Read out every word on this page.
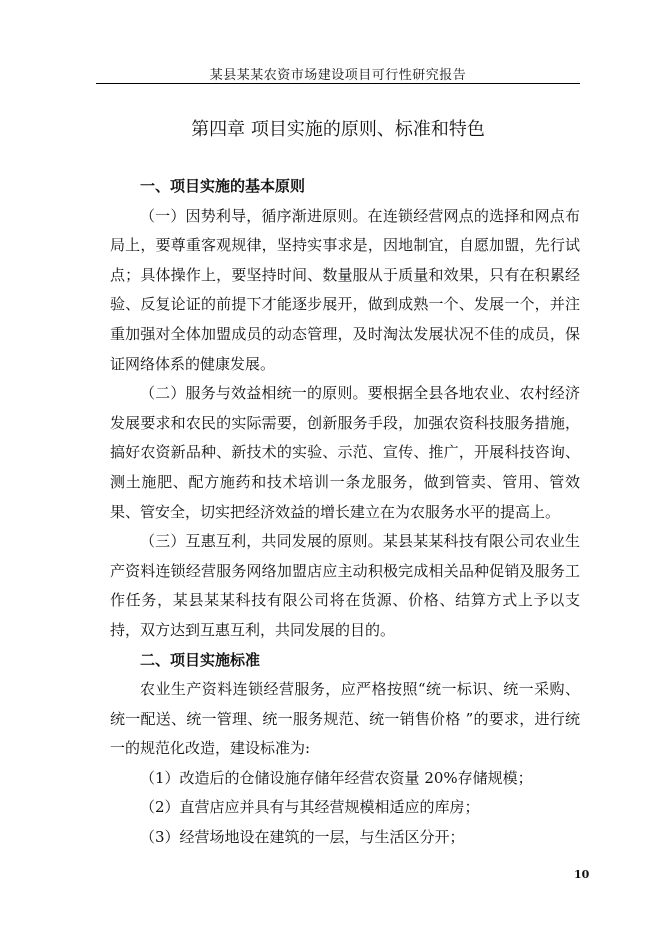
某县某某农资市场建设项目可行性研究报告
第四章 项目实施的原则、标准和特色

一、项目实施的基本原则

（一）因势利导，循序渐进原则。在连锁经营网点的选择和网点布局上，要尊重客观规律，坚持实事求是，因地制宜，自愿加盟，先行试点；具体操作上，要坚持时间、数量服从于质量和效果，只有在积累经验、反复论证的前提下才能逐步展开，做到成熟一个、发展一个，并注重加强对全体加盟成员的动态管理，及时淘汰发展状况不佳的成员，保证网络体系的健康发展。

（二）服务与效益相统一的原则。要根据全县各地农业、农村经济发展要求和农民的实际需要，创新服务手段，加强农资科技服务措施，搞好农资新品种、新技术的实验、示范、宣传、推广，开展科技咨询、测土施肥、配方施药和技术培训一条龙服务，做到管卖、管用、管效果、管安全，切实把经济效益的增长建立在为农服务水平的提高上。

（三）互惠互利，共同发展的原则。某县某某科技有限公司农业生产资料连锁经营服务网络加盟店应主动积极完成相关品种促销及服务工作任务，某县某某科技有限公司将在货源、价格、结算方式上予以支持，双方达到互惠互利，共同发展的目的。

二、项目实施标准

农业生产资料连锁经营服务，应严格按照“统一标识、统一采购、统一配送、统一管理、统一服务规范、统一销售价格 ”的要求，进行统一的规范化改造，建设标准为:

（1）改造后的仓储设施存储年经营农资量 20%存储规模；

（2）直营店应并具有与其经营规模相适应的库房；

（3）经营场地设在建筑的一层，与生活区分开；

10
